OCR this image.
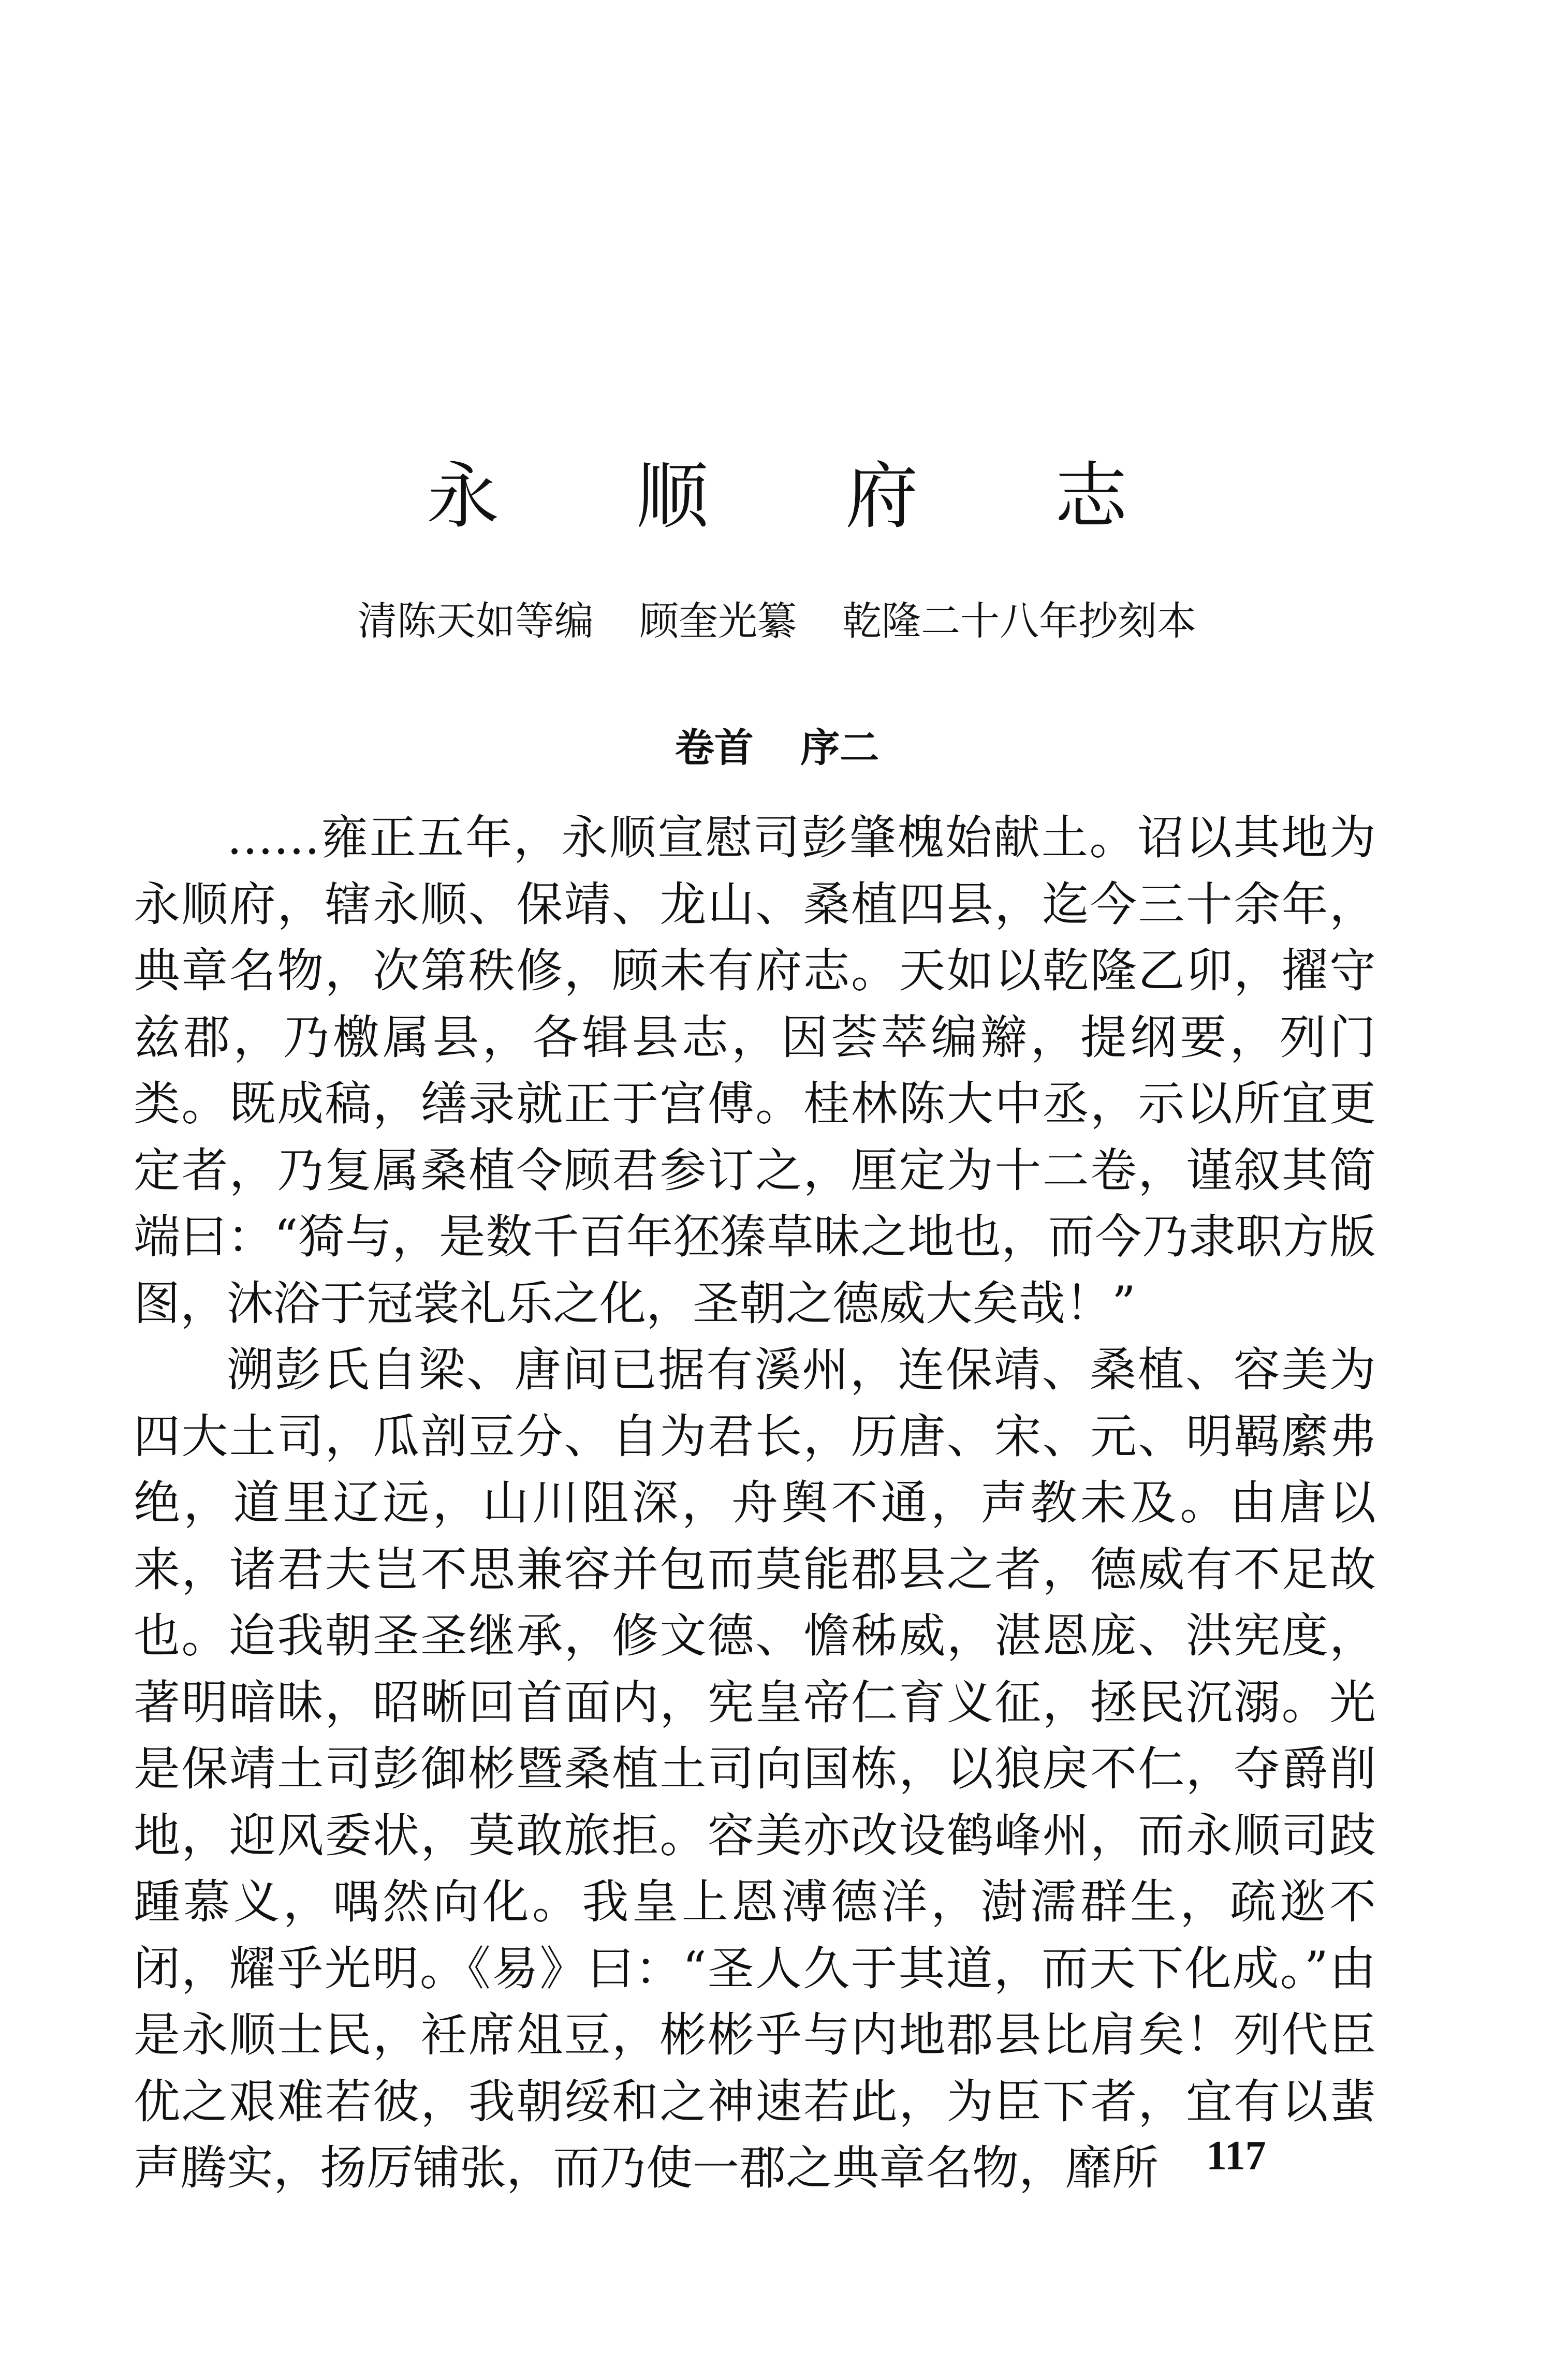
永 顺 府 志
清陈天如等编 顾奎光纂 乾隆二十八年抄刻本
卷首 序二

……雍正五年，永顺宣慰司彭肇槐始献土。诏以其地为永顺府，辖永顺、保靖、龙山、桑植四县，迄今三十余年，典章名物，次第秩修，顾未有府志。天如以乾隆乙卯，擢守兹郡，乃檄属县，各辑县志，因荟萃编辮，提纲要，列门类。既成稿，缮录就正于宫傅。桂林陈大中丞，示以所宜更定者，乃复属桑植令顾君参订之，厘定为十二卷，谨叙其简端曰：“猗与，是数千百年狉獉草昧之地也，而今乃隶职方版图，沐浴于冠裳礼乐之化，圣朝之德威大矣哉！”

溯彭氏自梁、唐间已据有溪州，连保靖、桑植、容美为四大土司，瓜剖豆分、自为君长，历唐、宋、元、明羁縻弗绝，道里辽远，山川阻深，舟舆不通，声教未及。由唐以来，诸君夫岂不思兼容并包而莫能郡县之者，德威有不足故也。迨我朝圣圣继承，修文德、憺秭威，湛恩庞、洪宪度，著明暗昧，昭晰回首面内，宪皇帝仁育义征，拯民沉溺。光是保靖土司彭御彬暨桑植土司向国栋，以狼戾不仁，夺爵削地，迎风委状，莫敢旅拒。容美亦改设鹤峰州，而永顺司跂踵慕义，喁然向化。我皇上恩溥德洋，澍濡群生，疏逖不闭，耀乎光明。《易》曰：“圣人久于其道，而天下化成。”由是永顺士民，衽席俎豆，彬彬乎与内地郡县比肩矣！列代臣优之艰难若彼，我朝绥和之神速若此，为臣下者，宜有以蜚声腾实，扬厉铺张，而乃使一郡之典章名物，靡所	117
